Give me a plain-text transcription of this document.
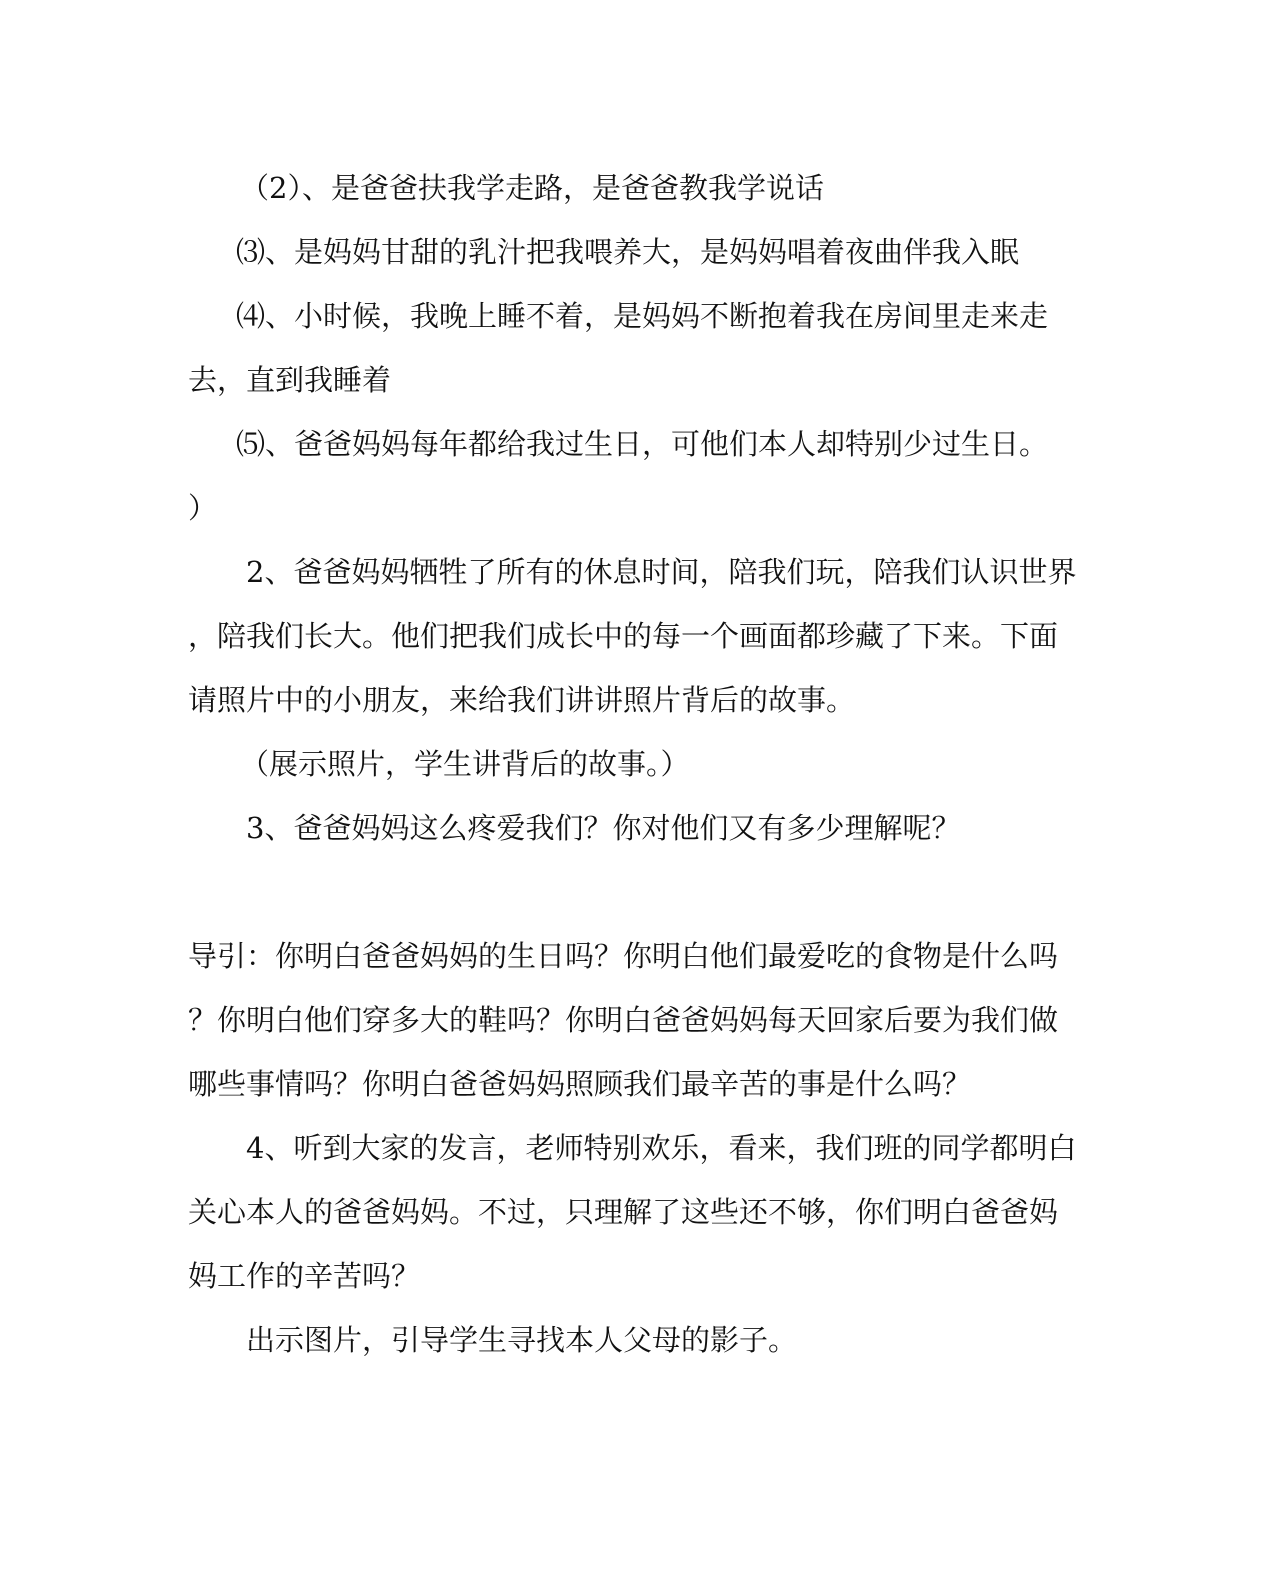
（2）、是爸爸扶我学走路，是爸爸教我学说话

⑶、是妈妈甘甜的乳汁把我喂养大，是妈妈唱着夜曲伴我入眠

⑷、小时候，我晚上睡不着，是妈妈不断抱着我在房间里走来走

去，直到我睡着

⑸、爸爸妈妈每年都给我过生日，可他们本人却特别少过生日。

）

2、爸爸妈妈牺牲了所有的休息时间，陪我们玩，陪我们认识世界

，陪我们长大。他们把我们成长中的每一个画面都珍藏了下来。下面

请照片中的小朋友，来给我们讲讲照片背后的故事。

（展示照片，学生讲背后的故事。）

3、爸爸妈妈这么疼爱我们？你对他们又有多少理解呢？

导引：你明白爸爸妈妈的生日吗？你明白他们最爱吃的食物是什么吗

？你明白他们穿多大的鞋吗？你明白爸爸妈妈每天回家后要为我们做

哪些事情吗？你明白爸爸妈妈照顾我们最辛苦的事是什么吗？

4、听到大家的发言，老师特别欢乐，看来，我们班的同学都明白

关心本人的爸爸妈妈。不过，只理解了这些还不够，你们明白爸爸妈

妈工作的辛苦吗？

出示图片，引导学生寻找本人父母的影子。
